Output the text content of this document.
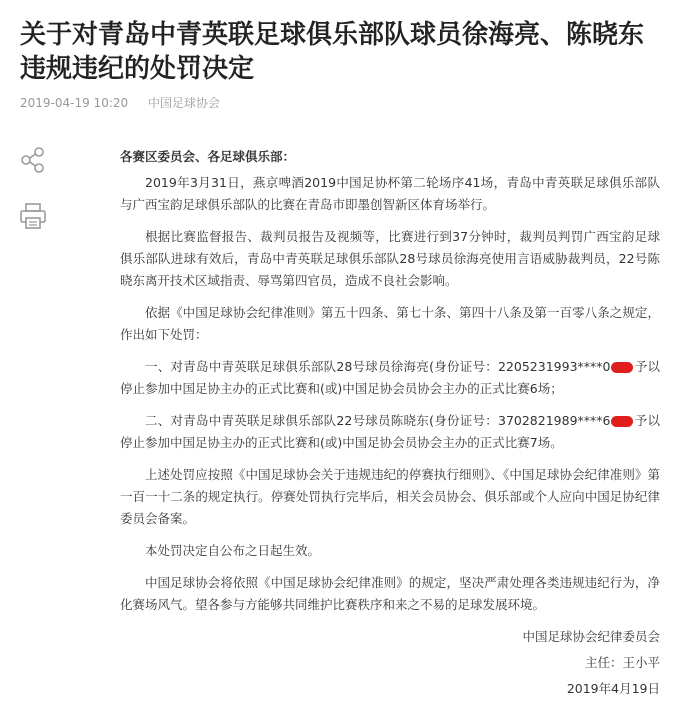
关于对青岛中青英联足球俱乐部队球员徐海亮、陈晓东违规违纪的处罚决定
2019-04-19 10:20 中国足球协会

各赛区委员会、各足球俱乐部：

2019年3月31日，燕京啤酒2019中国足协杯第二轮场序41场，青岛中青英联足球俱乐部队与广西宝韵足球俱乐部队的比赛在青岛市即墨创智新区体育场举行。

根据比赛监督报告、裁判员报告及视频等，比赛进行到37分钟时，裁判员判罚广西宝韵足球俱乐部队进球有效后，青岛中青英联足球俱乐部队28号球员徐海亮使用言语威胁裁判员，22号陈晓东离开技术区域指责、辱骂第四官员，造成不良社会影响。

依据《中国足球协会纪律准则》第五十四条、第七十条、第四十八条及第一百零八条之规定，作出如下处罚：

一、对青岛中青英联足球俱乐部队28号球员徐海亮(身份证号：2205231993****0 予以停止参加中国足协主办的正式比赛和(或)中国足协会员协会主办的正式比赛6场；

二、对青岛中青英联足球俱乐部队22号球员陈晓东(身份证号：3702821989****6 予以停止参加中国足协主办的正式比赛和(或)中国足协会员协会主办的正式比赛7场。

上述处罚应按照《中国足球协会关于违规违纪的停赛执行细则》、《中国足球协会纪律准则》第一百一十二条的规定执行。停赛处罚执行完毕后，相关会员协会、俱乐部或个人应向中国足协纪律委员会备案。

本处罚决定自公布之日起生效。

中国足球协会将依照《中国足球协会纪律准则》的规定，坚决严肃处理各类违规违纪行为，净化赛场风气。望各参与方能够共同维护比赛秩序和来之不易的足球发展环境。

中国足球协会纪律委员会

主任：王小平

2019年4月19日
